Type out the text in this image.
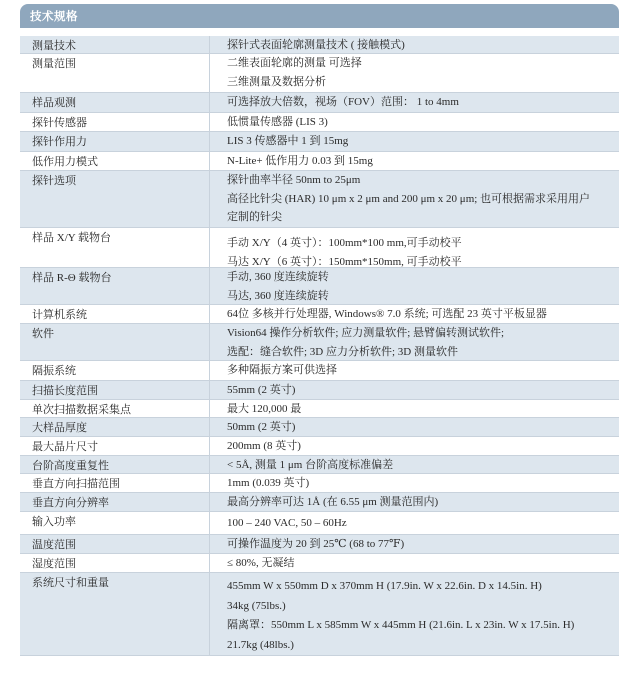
技术规格
测量技术	探针式表面轮廓测量技术 ( 接触模式)
测量范围	二维表面轮廓的测量 可选择
三维测量及数据分析
样品观测	可选择放大倍数，视场（FOV）范围： 1 to 4mm
探针传感器	低惯量传感器 (LIS 3)
探针作用力	LIS 3 传感器中 1 到 15mg
低作用力模式	N-Lite+ 低作用力 0.03 到 15mg
探针选项	探针曲率半径 50nm to 25μm
高径比针尖 (HAR) 10 μm x 2 μm and 200 μm x 20 μm; 也可根据需求采用用户
定制的针尖
样品 X/Y 载物台	手动 X/Y（4 英寸）：100mm*100 mm,可手动校平
马达 X/Y（6 英寸）：150mm*150mm, 可手动校平
样品 R-Θ 载物台	手动, 360 度连续旋转
马达, 360 度连续旋转
计算机系统	64位 多核并行处理器, Windows® 7.0 系统; 可选配 23 英寸平板显器
软件	Vision64 操作分析软件; 应力测量软件; 悬臂偏转测试软件;
选配：缝合软件; 3D 应力分析软件; 3D 测量软件
隔振系统	多种隔振方案可供选择
扫描长度范围	55mm (2 英寸)
单次扫描数据采集点	最大 120,000 最
大样品厚度	50mm (2 英寸)
最大晶片尺寸	200mm (8 英寸)
台阶高度重复性	< 5Å, 测量 1 μm 台阶高度标准偏差
垂直方向扫描范围	1mm (0.039 英寸)
垂直方向分辨率	最高分辨率可达 1Å (在 6.55 μm 测量范围内)
输入功率	100 – 240 VAC, 50 – 60Hz
温度范围	可操作温度为 20 到 25℃ (68 to 77℉)
湿度范围	≤ 80%, 无凝结
系统尺寸和重量	455mm W x 550mm D x 370mm H (17.9in. W x 22.6in. D x 14.5in. H)
34kg (75lbs.)
隔离罩：550mm L x 585mm W x 445mm H (21.6in. L x 23in. W x 17.5in. H)
21.7kg (48lbs.)
